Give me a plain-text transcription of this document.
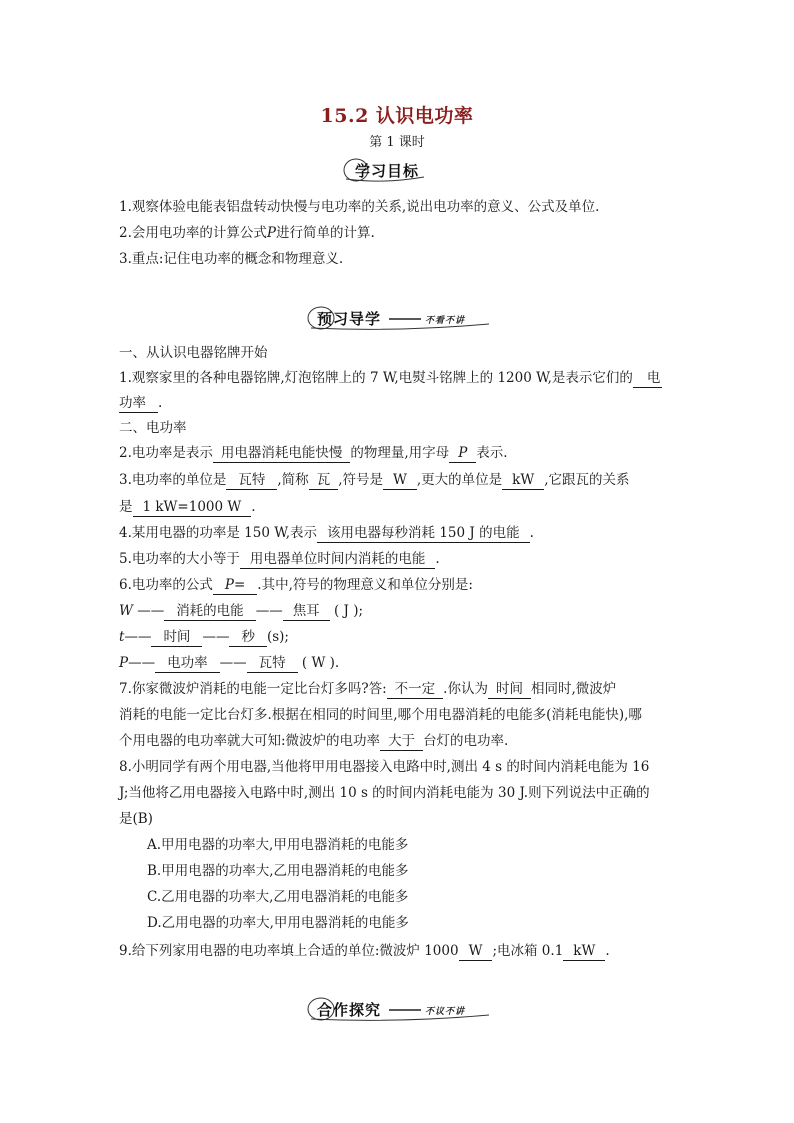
15.2 认识电功率
第 1 课时
学习目标
1.观察体验电能表铝盘转动快慢与电功率的关系,说出电功率的意义、公式及单位.
2.会用电功率的计算公式P进行简单的计算.
3.重点:记住电功率的概念和物理意义.
预习导学	不看不讲
一、从认识电器铭牌开始
1.观察家里的各种电器铭牌,灯泡铭牌上的 7 W,电熨斗铭牌上的 1200 W,是表示它们的 电
功率 .
二、电功率
2.电功率是表示 用电器消耗电能快慢 的物理量,用字母 P 表示.
3.电功率的单位是 瓦特 ,简称 瓦 ,符号是 W ,更大的单位是 kW ,它跟瓦的关系
是 1 kW=1000 W .
4.某用电器的功率是 150 W,表示 该用电器每秒消耗 150 J 的电能 .
5.电功率的大小等于 用电器单位时间内消耗的电能 .
6.电功率的公式 P= .其中,符号的物理意义和单位分别是:
W —— 消耗的电能 —— 焦耳 ( J );
t—— 时间 —— 秒 (s);
P—— 电功率 —— 瓦特 ( W ).
7.你家微波炉消耗的电能一定比台灯多吗?答: 不一定 .你认为 时间 相同时,微波炉
消耗的电能一定比台灯多.根据在相同的时间里,哪个用电器消耗的电能多(消耗电能快),哪
个用电器的电功率就大可知:微波炉的电功率 大于 台灯的电功率.
8.小明同学有两个用电器,当他将甲用电器接入电路中时,测出 4 s 的时间内消耗电能为 16
J;当他将乙用电器接入电路中时,测出 10 s 的时间内消耗电能为 30 J.则下列说法中正确的
是(B)
A.甲用电器的功率大,甲用电器消耗的电能多
B.甲用电器的功率大,乙用电器消耗的电能多
C.乙用电器的功率大,乙用电器消耗的电能多
D.乙用电器的功率大,甲用电器消耗的电能多
9.给下列家用电器的电功率填上合适的单位:微波炉 1000 W ;电冰箱 0.1 kW .
合作探究	不议不讲
